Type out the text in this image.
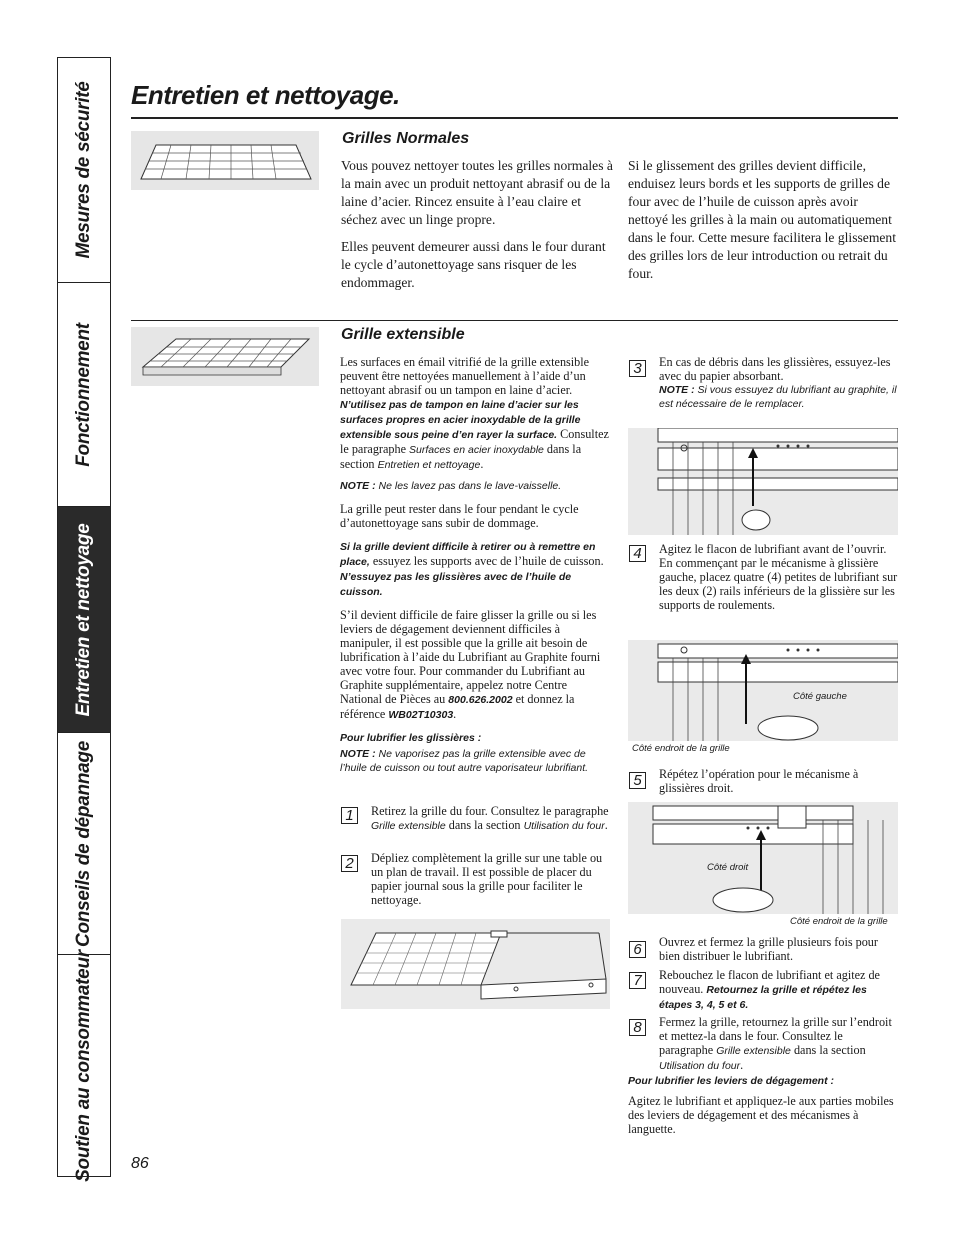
Mesures de sécurité
Fonctionnement
Entretien et nettoyage
Conseils de dépannage
Soutien au consommateur
Entretien et nettoyage.
Grilles Normales

Vous pouvez nettoyer toutes les grilles normales à la main avec un produit nettoyant abrasif ou de la laine d’acier. Rincez ensuite à l’eau claire et séchez avec un linge propre.

Elles peuvent demeurer aussi dans le four durant le cycle d’autonettoyage sans risquer de les endommager.

Si le glissement des grilles devient difficile, enduisez leurs bords et les supports de grilles de four avec de l’huile de cuisson après avoir nettoyé les grilles à la main ou automatiquement dans le four. Cette mesure facilitera le glissement des grilles lors de leur introduction ou retrait du four.

Grille extensible

Les surfaces en émail vitrifié de la grille extensible peuvent être nettoyées manuellement à l’aide d’un nettoyant abrasif ou un tampon en laine d’acier. N’utilisez pas de tampon en laine d’acier sur les surfaces propres en acier inoxydable de la grille extensible sous peine d’en rayer la surface. Consultez le paragraphe Surfaces en acier inoxydable dans la section Entretien et nettoyage.

NOTE : Ne les lavez pas dans le lave-vaisselle.

La grille peut rester dans le four pendant le cycle d’autonettoyage sans subir de dommage.

Si la grille devient difficile à retirer ou à remettre en place, essuyez les supports avec de l’huile de cuisson. N’essuyez pas les glissières avec de l’huile de cuisson.

S’il devient difficile de faire glisser la grille ou si les leviers de dégagement deviennent difficiles à manipuler, il est possible que la grille ait besoin de lubrification à l’aide du Lubrifiant au Graphite fourni avec votre four. Pour commander du Lubrifiant au Graphite supplémentaire, appelez notre Centre National de Pièces au 800.626.2002 et donnez la référence WB02T10303.

Pour lubrifier les glissières :

NOTE : Ne vaporisez pas la grille extensible avec de l’huile de cuisson ou tout autre vaporisateur lubrifiant.

1	Retirez la grille du four. Consultez le paragraphe Grille extensible dans la section Utilisation du four.
2	Dépliez complètement la grille sur une table ou un plan de travail. Il est possible de placer du papier journal sous la grille pour faciliter le nettoyage.
3	En cas de débris dans les glissières, essuyez-les avec du papier absorbant.

NOTE : Si vous essuyez du lubrifiant au graphite, il est nécessaire de le remplacer.

4	Agitez le flacon de lubrifiant avant de l’ouvrir. En commençant par le mécanisme à glissière gauche, placez quatre (4) petites de lubrifiant sur les deux (2) rails inférieurs de la glissière sur les supports de roulements.
Côté gauche
Côté endroit de la grille
5	Répétez l’opération pour le mécanisme à glissières droit.
Côté droit
Côté endroit de la grille
6	Ouvrez et fermez la grille plusieurs fois pour bien distribuer le lubrifiant.
7	Rebouchez le flacon de lubrifiant et agitez de nouveau. Retournez la grille et répétez les étapes 3, 4, 5 et 6.
8	Fermez la grille, retournez la grille sur l’endroit et mettez-la dans le four. Consultez le paragraphe Grille extensible dans la section Utilisation du four.
Pour lubrifier les leviers de dégagement :
Agitez le lubrifiant et appliquez-le aux parties mobiles des leviers de dégagement et des mécanismes à languette.
86
